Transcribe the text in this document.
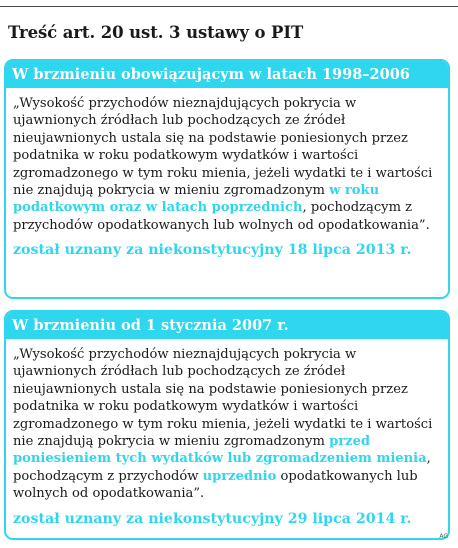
Treść art. 20 ust. 3 ustawy o PIT
W brzmieniu obowiązującym w latach 1998–2006

„Wysokość przychodów nieznajdujących pokrycia w ujawnionych źródłach lub pochodzących ze źródeł nieujawnionych ustala się na podstawie poniesionych przez podatnika w roku podatkowym wydatków i wartości zgromadzonego w tym roku mienia, jeżeli wydatki te i wartości nie znajdują pokrycia w mieniu zgromadzonym w roku podatkowym oraz w latach poprzednich, pochodzącym z przychodów opodatkowanych lub wolnych od opodatkowania”.

został uznany za niekonstytucyjny 18 lipca 2013 r.

W brzmieniu od 1 stycznia 2007 r.

„Wysokość przychodów nieznajdujących pokrycia w ujawnionych źródłach lub pochodzących ze źródeł nieujawnionych ustala się na podstawie poniesionych przez podatnika w roku podatkowym wydatków i wartości zgromadzonego w tym roku mienia, jeżeli wydatki te i wartości nie znajdują pokrycia w mieniu zgromadzonym przed poniesieniem tych wydatków lub zgromadzeniem mienia, pochodzącym z przychodów uprzednio opodatkowanych lub wolnych od opodatkowania”.

został uznany za niekonstytucyjny 29 lipca 2014 r.

AG
